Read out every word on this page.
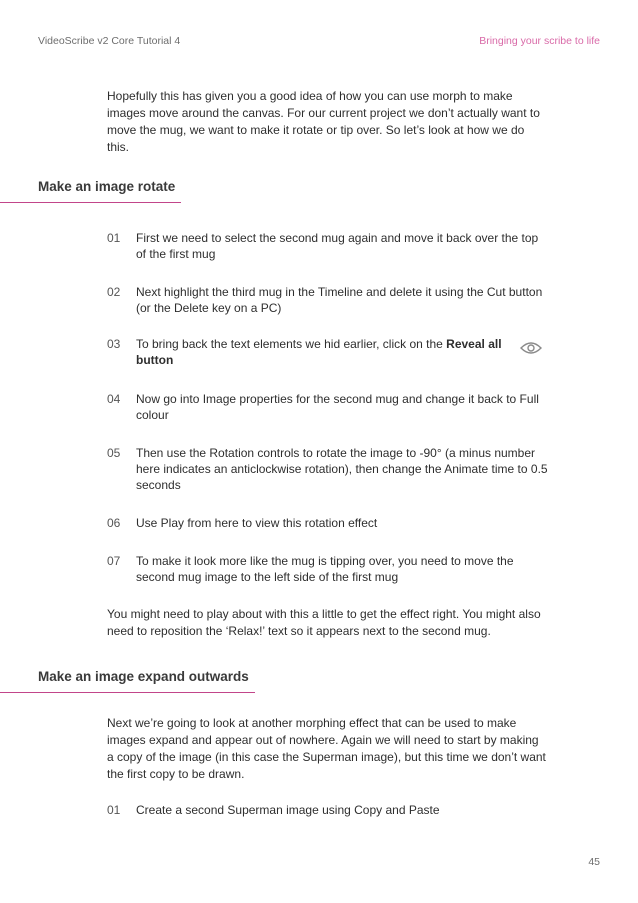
VideoScribe v2 Core Tutorial 4	Bringing your scribe to life
Hopefully this has given you a good idea of how you can use morph to make images move around the canvas. For our current project we don’t actually want to move the mug, we want to make it rotate or tip over. So let’s look at how we do this.
Make an image rotate
01	First we need to select the second mug again and move it back over the top of the first mug
02	Next highlight the third mug in the Timeline and delete it using the Cut button (or the Delete key on a PC)
03	To bring back the text elements we hid earlier, click on the Reveal all button
04	Now go into Image properties for the second mug and change it back to Full colour
05	Then use the Rotation controls to rotate the image to -90° (a minus number here indicates an anticlockwise rotation), then change the Animate time to 0.5 seconds
06	Use Play from here to view this rotation effect
07	To make it look more like the mug is tipping over, you need to move the second mug image to the left side of the first mug
You might need to play about with this a little to get the effect right. You might also need to reposition the ‘Relax!’ text so it appears next to the second mug.
Make an image expand outwards
Next we’re going to look at another morphing effect that can be used to make images expand and appear out of nowhere. Again we will need to start by making a copy of the image (in this case the Superman image), but this time we don’t want the first copy to be drawn.
01	Create a second Superman image using Copy and Paste
45
